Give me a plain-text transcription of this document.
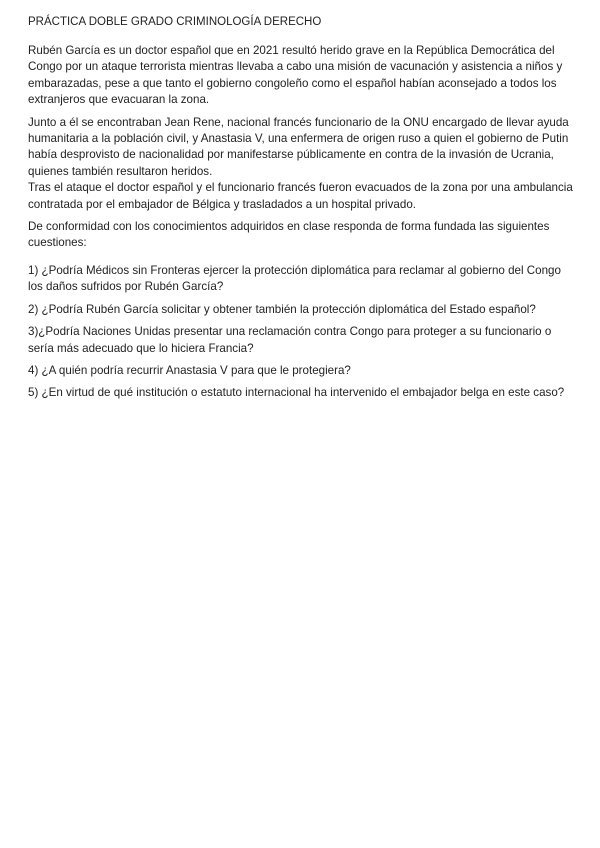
PRÁCTICA DOBLE GRADO CRIMINOLOGÍA DERECHO

Rubén García es un doctor español que en 2021 resultó herido grave en la República Democrática del Congo por un ataque terrorista mientras llevaba a cabo una misión de vacunación y asistencia a niños y embarazadas, pese a que tanto el gobierno congoleño como el español habían aconsejado a todos los extranjeros que evacuaran la zona.

Junto a él se encontraban Jean Rene, nacional francés funcionario de la ONU encargado de llevar ayuda humanitaria a la población civil, y Anastasia V, una enfermera de origen ruso a quien el gobierno de Putin había desprovisto de nacionalidad por manifestarse públicamente en contra de la invasión de Ucrania, quienes también resultaron heridos.

Tras el ataque el doctor español y el funcionario francés fueron evacuados de la zona por una ambulancia contratada por el embajador de Bélgica y trasladados a un hospital privado.

De conformidad con los conocimientos adquiridos en clase responda de forma fundada las siguientes cuestiones:

1) ¿Podría Médicos sin Fronteras ejercer la protección diplomática para reclamar al gobierno del Congo los daños sufridos por Rubén García?

2) ¿Podría Rubén García solicitar y obtener también la protección diplomática del Estado español?

3)¿Podría Naciones Unidas presentar una reclamación contra Congo para proteger a su funcionario o sería más adecuado que lo hiciera Francia?

4) ¿A quién podría recurrir Anastasia V para que le protegiera?

5) ¿En virtud de qué institución o estatuto internacional ha intervenido el embajador belga en este caso?
